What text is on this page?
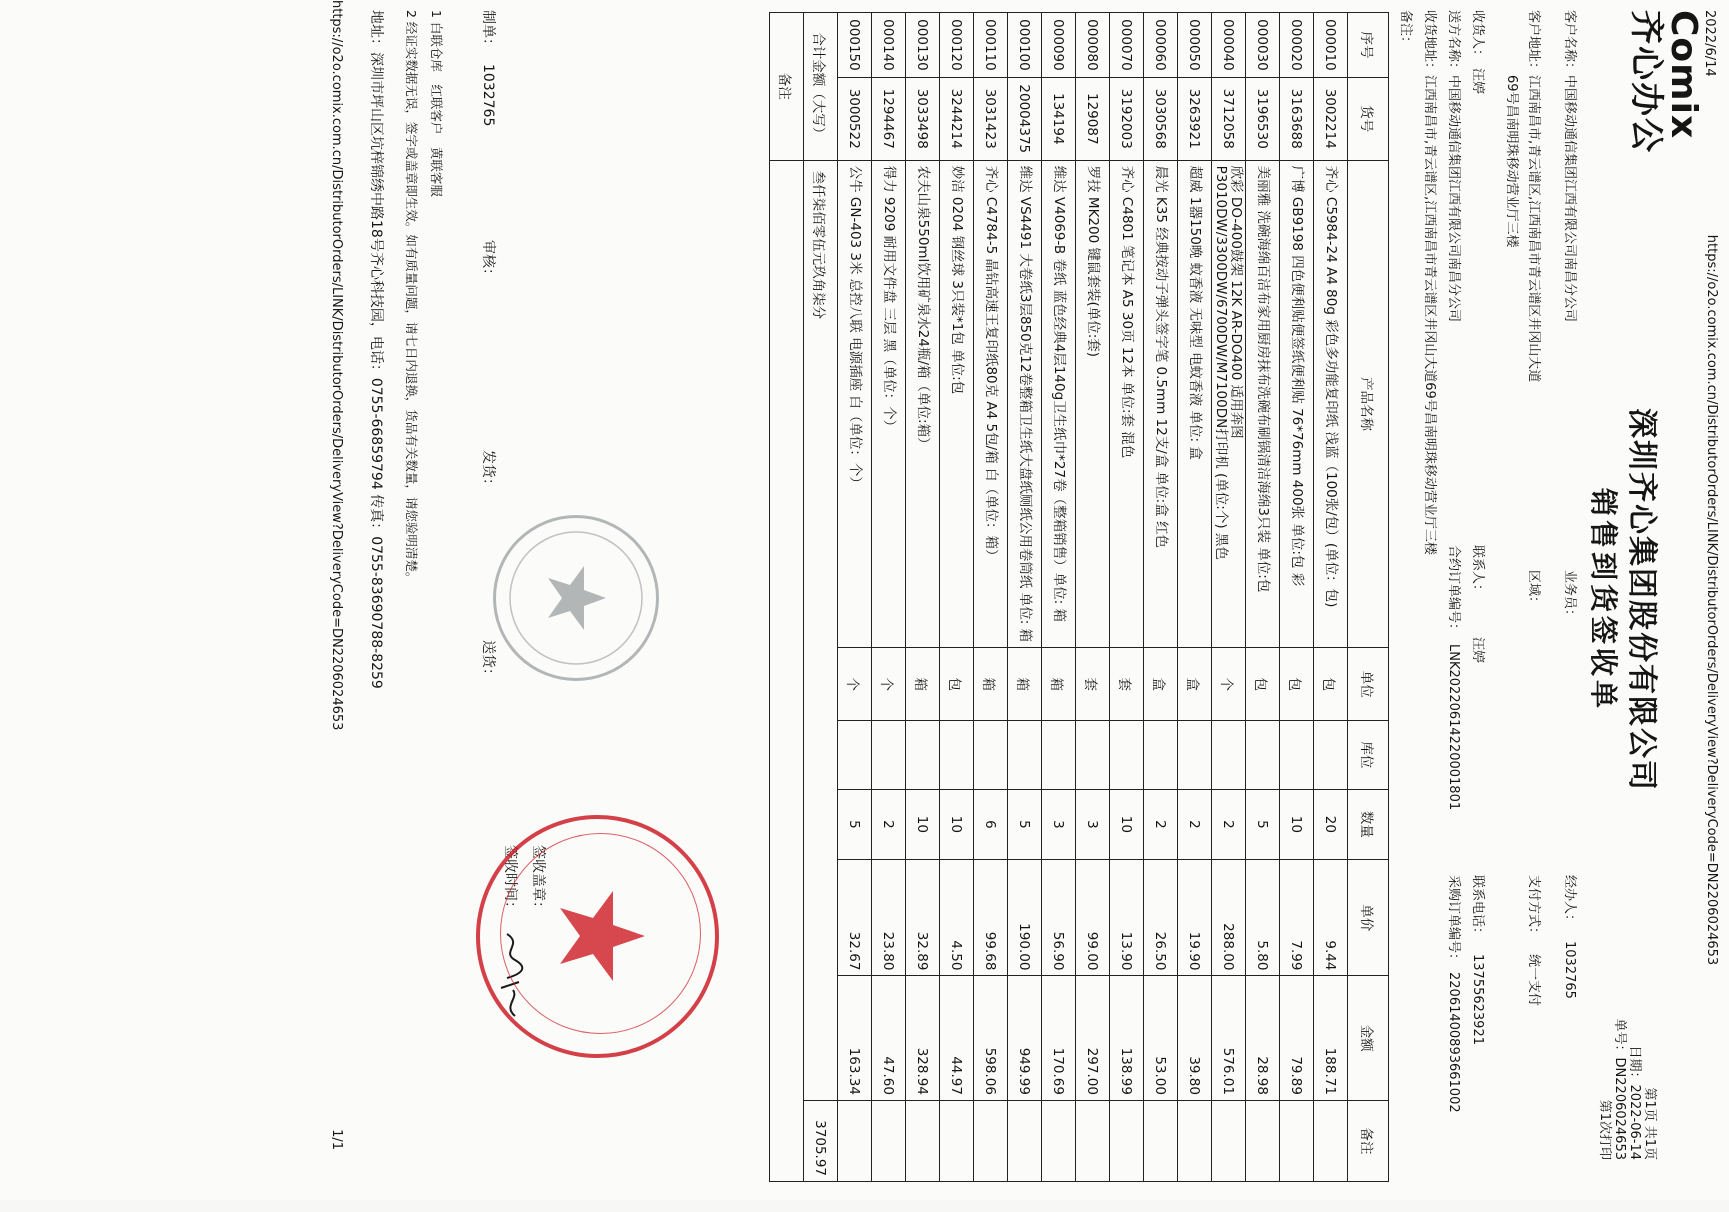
2022/6/14
https://o2o.comix.com.cn/DistributorOrders/LINK/DistributorOrders/DeliveryView?DeliveryCode=DN2206024653
Comix
齐心办公
深圳齐心集团股份有限公司
销售到货签收单
第1页 共1页
日期：2022-06-14
单号：DN2206024653
第1次打印
客户名称：中国移动通信集团江西有限公司南昌分公司
业务员：
经办人：1032765
客户地址：江西南昌市,青云谱区,江西南昌市青云谱区井冈山大道
69号昌南明珠移动营业厅三楼
区域：
支付方式：统一支付
收货人：汪婷
联系人：汪婷
联系电话：13755623921
送方名称：中国移动通信集团江西有限公司南昌分公司
合约订单编号：LNK20220614220001801
采购订单编号：22061400893661002
收货地址：江西南昌市,青云谱区,江西南昌市青云谱区井冈山大道69号昌南明珠移动营业厅三楼
备注：
序号	货号	产品名称	单位	库位	数量	单价	金额	备注
000010	3002214	齐心 C5984-24 A4 80g 彩色多功能复印纸 浅蓝（100张/包）(单位：包)	包		20	9.44	188.71	
000020	3163688	广博 GB9198 四色便利贴便签纸便利贴 76*76mm 400张 单位:包 彩	包		10	7.99	79.89	
000030	3196530	美丽雅 洗碗海绵百洁布家用厨房抹布洗碗布刷锅清洁海绵3只装 单位:包	包		5	5.80	28.98	
000040	3712058	欣彩 DO-400鼓架 12K AR-DO400 适用奔图P3010DW/3300DW/6700DW/M7100DN打印机 (单位:个) 黑色	个		2	288.00	576.01	
000050	3263921	超威 1器150晚 蚊香液 无味型 电蚊香液 单位: 盒	盒		2	19.90	39.80	
000060	3030568	晨光 K35 经典按动子弹头签字笔 0.5mm 12支/盒 单位:盒 红色	盒		2	26.50	53.00	
000070	3192003	齐心 C4801 笔记本 A5 30页 12本 单位:套 混色	套		10	13.90	138.99	
000080	129087	罗技 MK200 键鼠套装(单位:套)	套		3	99.00	297.00	
000090	134194	维达 V4069-B 卷纸 蓝色经典4层140g卫生纸巾*27卷（整箱销售）单位: 箱	箱		3	56.90	170.69	
000100	20004375	维达 VS4491 大卷纸3层850克12卷整箱卫生纸大盘纸厕纸公用卷筒纸 单位: 箱	箱		5	190.00	949.99	
000110	3031423	齐心 C4784-5 晶钻高速王复印纸80克 A4 5包/箱 白（单位：箱）	箱		6	99.68	598.06	
000120	3244214	妙洁 0204 钢丝球 3只装*1包 单位:包	包		10	4.50	44.97	
000130	3033498	农夫山泉550ml饮用矿泉水24瓶/箱（单位:箱）	箱		10	32.89	328.94	
000140	1294467	得力 9209 耐用文件盘 三层 黑（单位：个）	个		2	23.80	47.60	
000150	3000522	公牛 GN-403 3米 总控八联 电源插座 白（单位：个）	个		5	32.67	163.34	
合计金额（大写）		叁仟柒佰零伍元玖角柒分						3705.97
备注								
签收盖章：
签收时间：
制单：1032765
审核：
发货：
送货：
1 白联仓库　红联客户　黄联客服
2 经证实数据无误，签字或盖章即生效。如有质量问题，请七日内退换，货品有关数量，请您验明清楚。
地址：深圳市坪山区坑梓锦绣中路18号齐心科技园，电话：0755-66859794 传真：0755-83690788-8259
https://o2o.comix.com.cn/DistributorOrders/LINK/DistributorOrders/DeliveryView?DeliveryCode=DN2206024653
1/1
